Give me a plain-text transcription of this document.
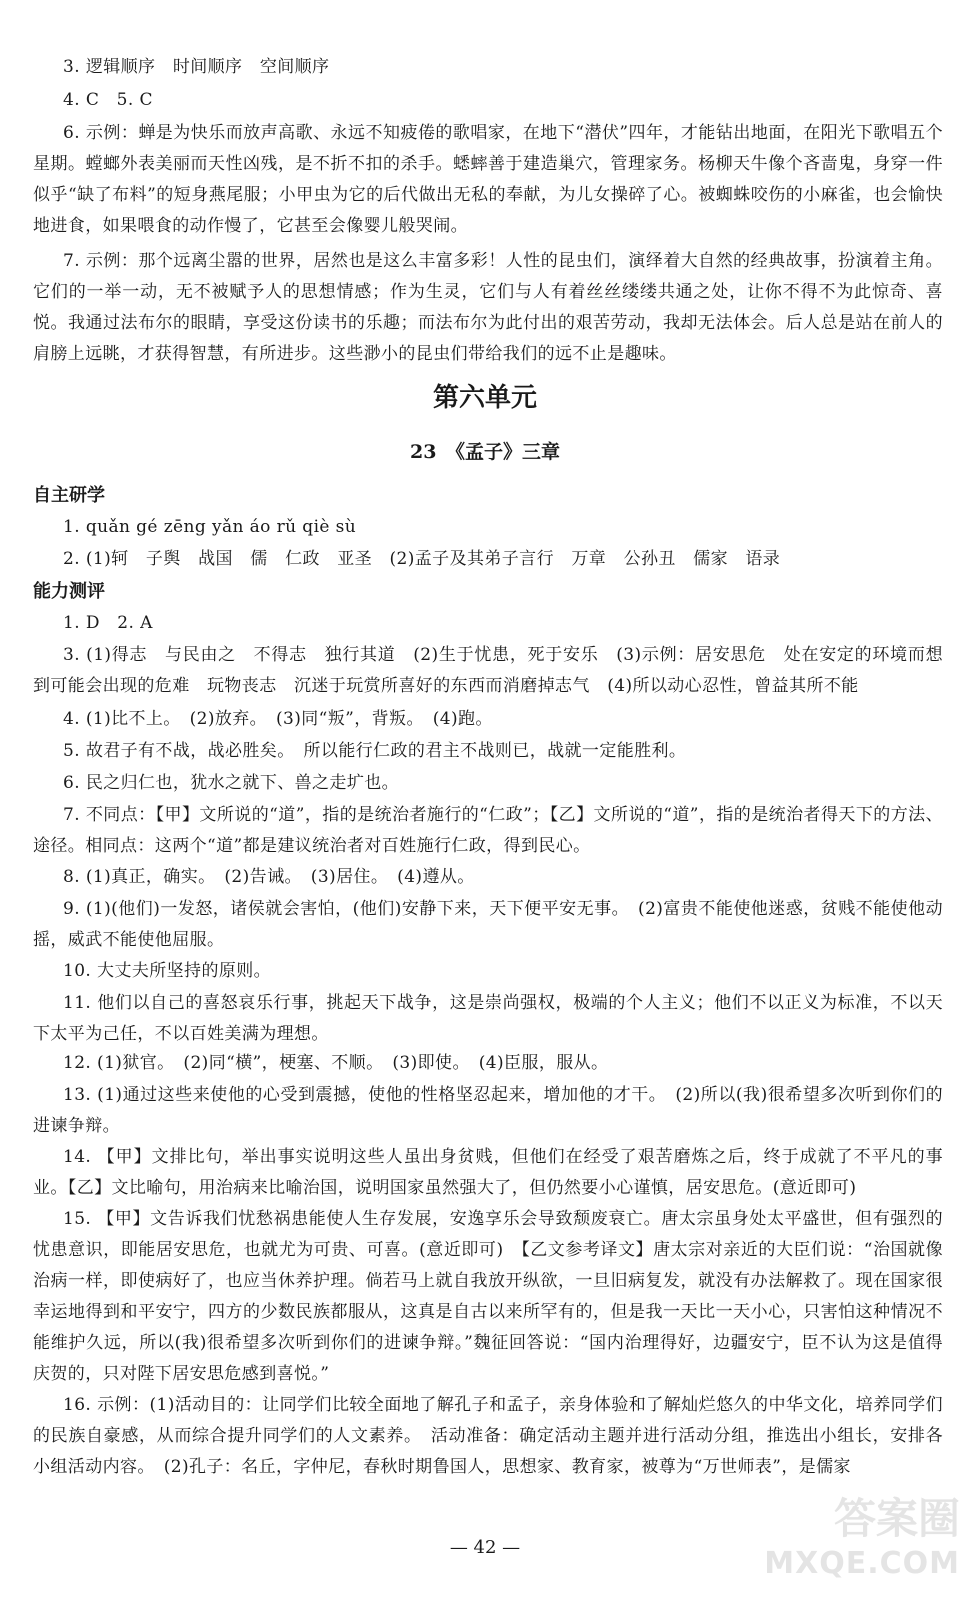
3. 逻辑顺序　时间顺序　空间顺序

4. C　5. C

6. 示例：蝉是为快乐而放声高歌、永远不知疲倦的歌唱家，在地下“潜伏”四年，才能钻出地面，在阳光下歌唱五个星期。螳螂外表美丽而天性凶残，是不折不扣的杀手。蟋蟀善于建造巢穴，管理家务。杨柳天牛像个吝啬鬼，身穿一件似乎“缺了布料”的短身燕尾服；小甲虫为它的后代做出无私的奉献，为儿女操碎了心。被蜘蛛咬伤的小麻雀，也会愉快地进食，如果喂食的动作慢了，它甚至会像婴儿般哭闹。

7. 示例：那个远离尘嚣的世界，居然也是这么丰富多彩！人性的昆虫们，演绎着大自然的经典故事，扮演着主角。它们的一举一动，无不被赋予人的思想情感；作为生灵，它们与人有着丝丝缕缕共通之处，让你不得不为此惊奇、喜悦。我通过法布尔的眼睛，享受这份读书的乐趣；而法布尔为此付出的艰苦劳动，我却无法体会。后人总是站在前人的肩膀上远眺，才获得智慧，有所进步。这些渺小的昆虫们带给我们的远不止是趣味。

第六单元
23　《孟子》三章
自主研学

1. quǎn gé zēng yǎn áo rǔ qiè sù

2. (1)轲　子舆　战国　儒　仁政　亚圣　(2)孟子及其弟子言行　万章　公孙丑　儒家　语录

能力测评

1. D　2. A

3. (1)得志　与民由之　不得志　独行其道　(2)生于忧患，死于安乐　(3)示例：居安思危　处在安定的环境而想到可能会出现的危难　玩物丧志　沉迷于玩赏所喜好的东西而消磨掉志气　(4)所以动心忍性，曾益其所不能

4. (1)比不上。　(2)放弃。　(3)同“叛”，背叛。　(4)跑。

5. 故君子有不战，战必胜矣。　所以能行仁政的君主不战则已，战就一定能胜利。

6. 民之归仁也，犹水之就下、兽之走圹也。

7. 不同点：【甲】文所说的“道”，指的是统治者施行的“仁政”；【乙】文所说的“道”，指的是统治者得天下的方法、途径。相同点：这两个“道”都是建议统治者对百姓施行仁政，得到民心。

8. (1)真正，确实。　(2)告诫。　(3)居住。　(4)遵从。

9. (1)(他们)一发怒，诸侯就会害怕，(他们)安静下来，天下便平安无事。　(2)富贵不能使他迷惑，贫贱不能使他动摇，威武不能使他屈服。

10. 大丈夫所坚持的原则。

11. 他们以自己的喜怒哀乐行事，挑起天下战争，这是崇尚强权，极端的个人主义；他们不以正义为标准，不以天下太平为己任，不以百姓美满为理想。

12. (1)狱官。　(2)同“横”，梗塞、不顺。　(3)即使。　(4)臣服，服从。

13. (1)通过这些来使他的心受到震撼，使他的性格坚忍起来，增加他的才干。　(2)所以(我)很希望多次听到你们的进谏争辩。

14. 【甲】文排比句，举出事实说明这些人虽出身贫贱，但他们在经受了艰苦磨炼之后，终于成就了不平凡的事业。【乙】文比喻句，用治病来比喻治国，说明国家虽然强大了，但仍然要小心谨慎，居安思危。(意近即可)

15. 【甲】文告诉我们忧愁祸患能使人生存发展，安逸享乐会导致颓废衰亡。唐太宗虽身处太平盛世，但有强烈的忧患意识，即能居安思危，也就尤为可贵、可喜。(意近即可)　【乙文参考译文】唐太宗对亲近的大臣们说：“治国就像治病一样，即使病好了，也应当休养护理。倘若马上就自我放开纵欲，一旦旧病复发，就没有办法解救了。现在国家很幸运地得到和平安宁，四方的少数民族都服从，这真是自古以来所罕有的，但是我一天比一天小心，只害怕这种情况不能维护久远，所以(我)很希望多次听到你们的进谏争辩。”魏征回答说：“国内治理得好，边疆安宁，臣不认为这是值得庆贺的，只对陛下居安思危感到喜悦。”

16. 示例：(1)活动目的：让同学们比较全面地了解孔子和孟子，亲身体验和了解灿烂悠久的中华文化，培养同学们的民族自豪感，从而综合提升同学们的人文素养。　活动准备：确定活动主题并进行活动分组，推选出小组长，安排各小组活动内容。　(2)孔子：名丘，字仲尼，春秋时期鲁国人，思想家、教育家，被尊为“万世师表”，是儒家

— 42 —
答案圈
MXQE.COM
